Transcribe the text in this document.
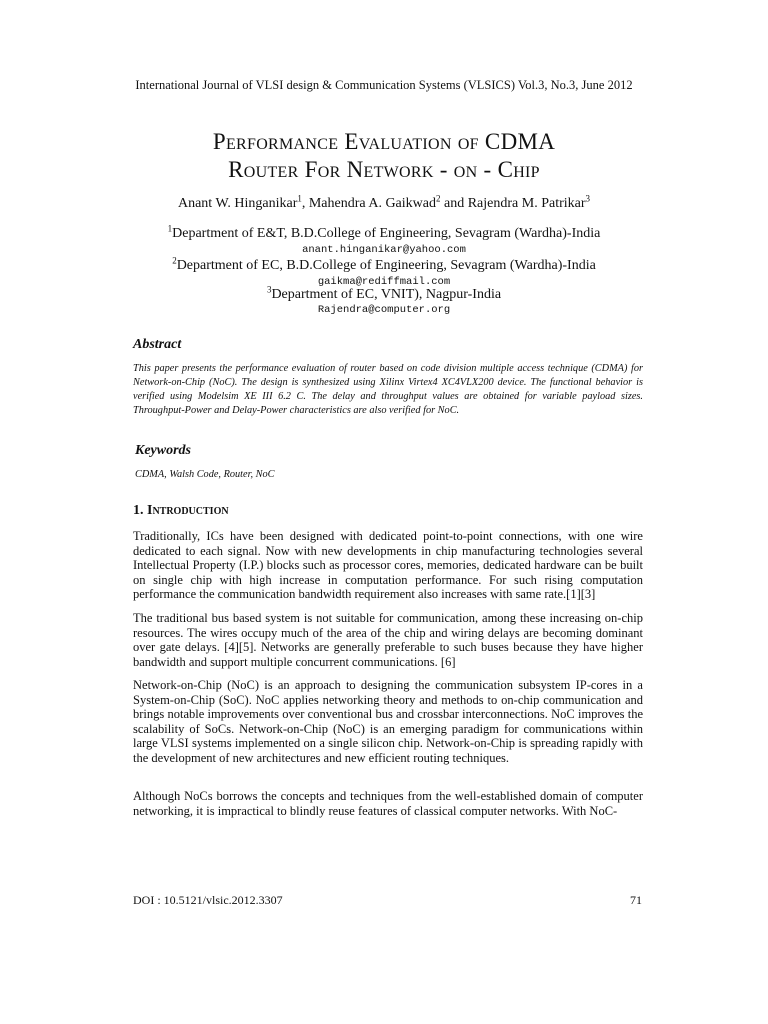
International Journal of VLSI design & Communication Systems (VLSICS) Vol.3, No.3, June 2012
Performance Evaluation of CDMA
Router For Network - on - Chip
Anant W. Hinganikar$^1$, Mahendra A. Gaikwad$^2$ and Rajendra M. Patrikar$^3$
$^1$Department of E&T, B.D.College of Engineering, Sevagram (Wardha)-India
anant.hinganikar@yahoo.com
$^2$Department of EC, B.D.College of Engineering, Sevagram (Wardha)-India
gaikma@rediffmail.com
$^3$Department of EC, VNIT), Nagpur-India
Rajendra@computer.org
Abstract
This paper presents the performance evaluation of router based on code division multiple access technique (CDMA) for Network-on-Chip (NoC). The design is synthesized using Xilinx Virtex4 XC4VLX200 device. The functional behavior is verified using Modelsim XE III 6.2 C. The delay and throughput values are obtained for variable payload sizes. Throughput-Power and Delay-Power characteristics are also verified for NoC.
Keywords
CDMA, Walsh Code, Router, NoC
1. Introduction
Traditionally, ICs have been designed with dedicated point-to-point connections, with one wire dedicated to each signal. Now with new developments in chip manufacturing technologies several Intellectual Property (I.P.) blocks such as processor cores, memories, dedicated hardware can be built on single chip with high increase in computation performance. For such rising computation performance the communication bandwidth requirement also increases with same rate.[1][3]
The traditional bus based system is not suitable for communication, among these increasing on-chip resources. The wires occupy much of the area of the chip and wiring delays are becoming dominant over gate delays. [4][5]. Networks are generally preferable to such buses because they have higher bandwidth and support multiple concurrent communications. [6]
Network-on-Chip (NoC) is an approach to designing the communication subsystem IP-cores in a System-on-Chip (SoC). NoC applies networking theory and methods to on-chip communication and brings notable improvements over conventional bus and crossbar interconnections. NoC improves the scalability of SoCs. Network-on-Chip (NoC) is an emerging paradigm for communications within large VLSI systems implemented on a single silicon chip. Network-on-Chip is spreading rapidly with the development of new architectures and new efficient routing techniques.
Although NoCs borrows the concepts and techniques from the well-established domain of computer networking, it is impractical to blindly reuse features of classical computer networks. With NoC-
DOI : 10.5121/vlsic.2012.3307	71
